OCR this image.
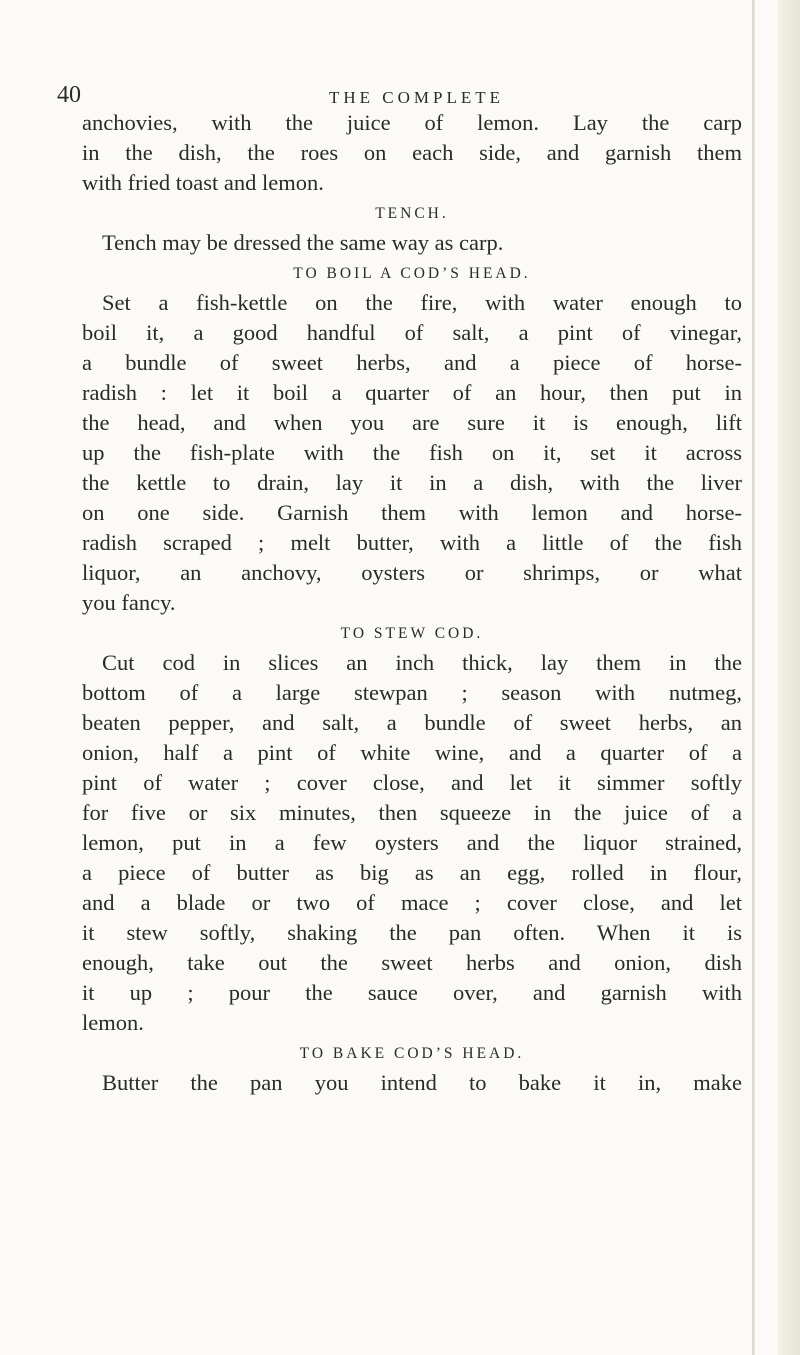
40	THE COMPLETE
anchovies, with the juice of lemon. Lay the carp
in the dish, the roes on each side, and garnish them
with fried toast and lemon.
TENCH.
Tench may be dressed the same way as carp.
TO BOIL A COD’S HEAD.
Set a fish-kettle on the fire, with water enough to
boil it, a good handful of salt, a pint of vinegar,
a bundle of sweet herbs, and a piece of horse-
radish : let it boil a quarter of an hour, then put in
the head, and when you are sure it is enough, lift
up the fish-plate with the fish on it, set it across
the kettle to drain, lay it in a dish, with the liver
on one side. Garnish them with lemon and horse-
radish scraped ; melt butter, with a little of the fish
liquor, an anchovy, oysters or shrimps, or what
you fancy.
TO STEW COD.
Cut cod in slices an inch thick, lay them in the
bottom of a large stewpan ; season with nutmeg,
beaten pepper, and salt, a bundle of sweet herbs, an
onion, half a pint of white wine, and a quarter of a
pint of water ; cover close, and let it simmer softly
for five or six minutes, then squeeze in the juice of a
lemon, put in a few oysters and the liquor strained,
a piece of butter as big as an egg, rolled in flour,
and a blade or two of mace ; cover close, and let
it stew softly, shaking the pan often. When it is
enough, take out the sweet herbs and onion, dish
it up ; pour the sauce over, and garnish with
lemon.
TO BAKE COD’S HEAD.
Butter the pan you intend to bake it in, make
